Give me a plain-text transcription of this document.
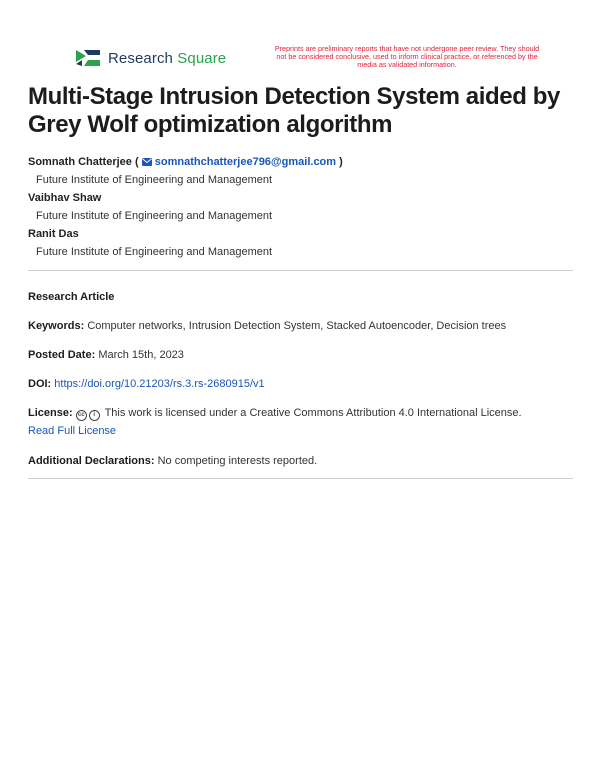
Research Square
Preprints are preliminary reports that have not undergone peer review. They should not be considered conclusive, used to inform clinical practice, or referenced by the media as validated information.
Multi-Stage Intrusion Detection System aided by Grey Wolf optimization algorithm
Somnath Chatterjee (  somnathchatterjee796@gmail.com )
Future Institute of Engineering and Management
Vaibhav Shaw
Future Institute of Engineering and Management
Ranit Das
Future Institute of Engineering and Management
Research Article
Keywords: Computer networks, Intrusion Detection System, Stacked Autoencoder, Decision trees
Posted Date: March 15th, 2023
DOI: https://doi.org/10.21203/rs.3.rs-2680915/v1
License: cc i This work is licensed under a Creative Commons Attribution 4.0 International License.
Read Full License
Additional Declarations: No competing interests reported.
